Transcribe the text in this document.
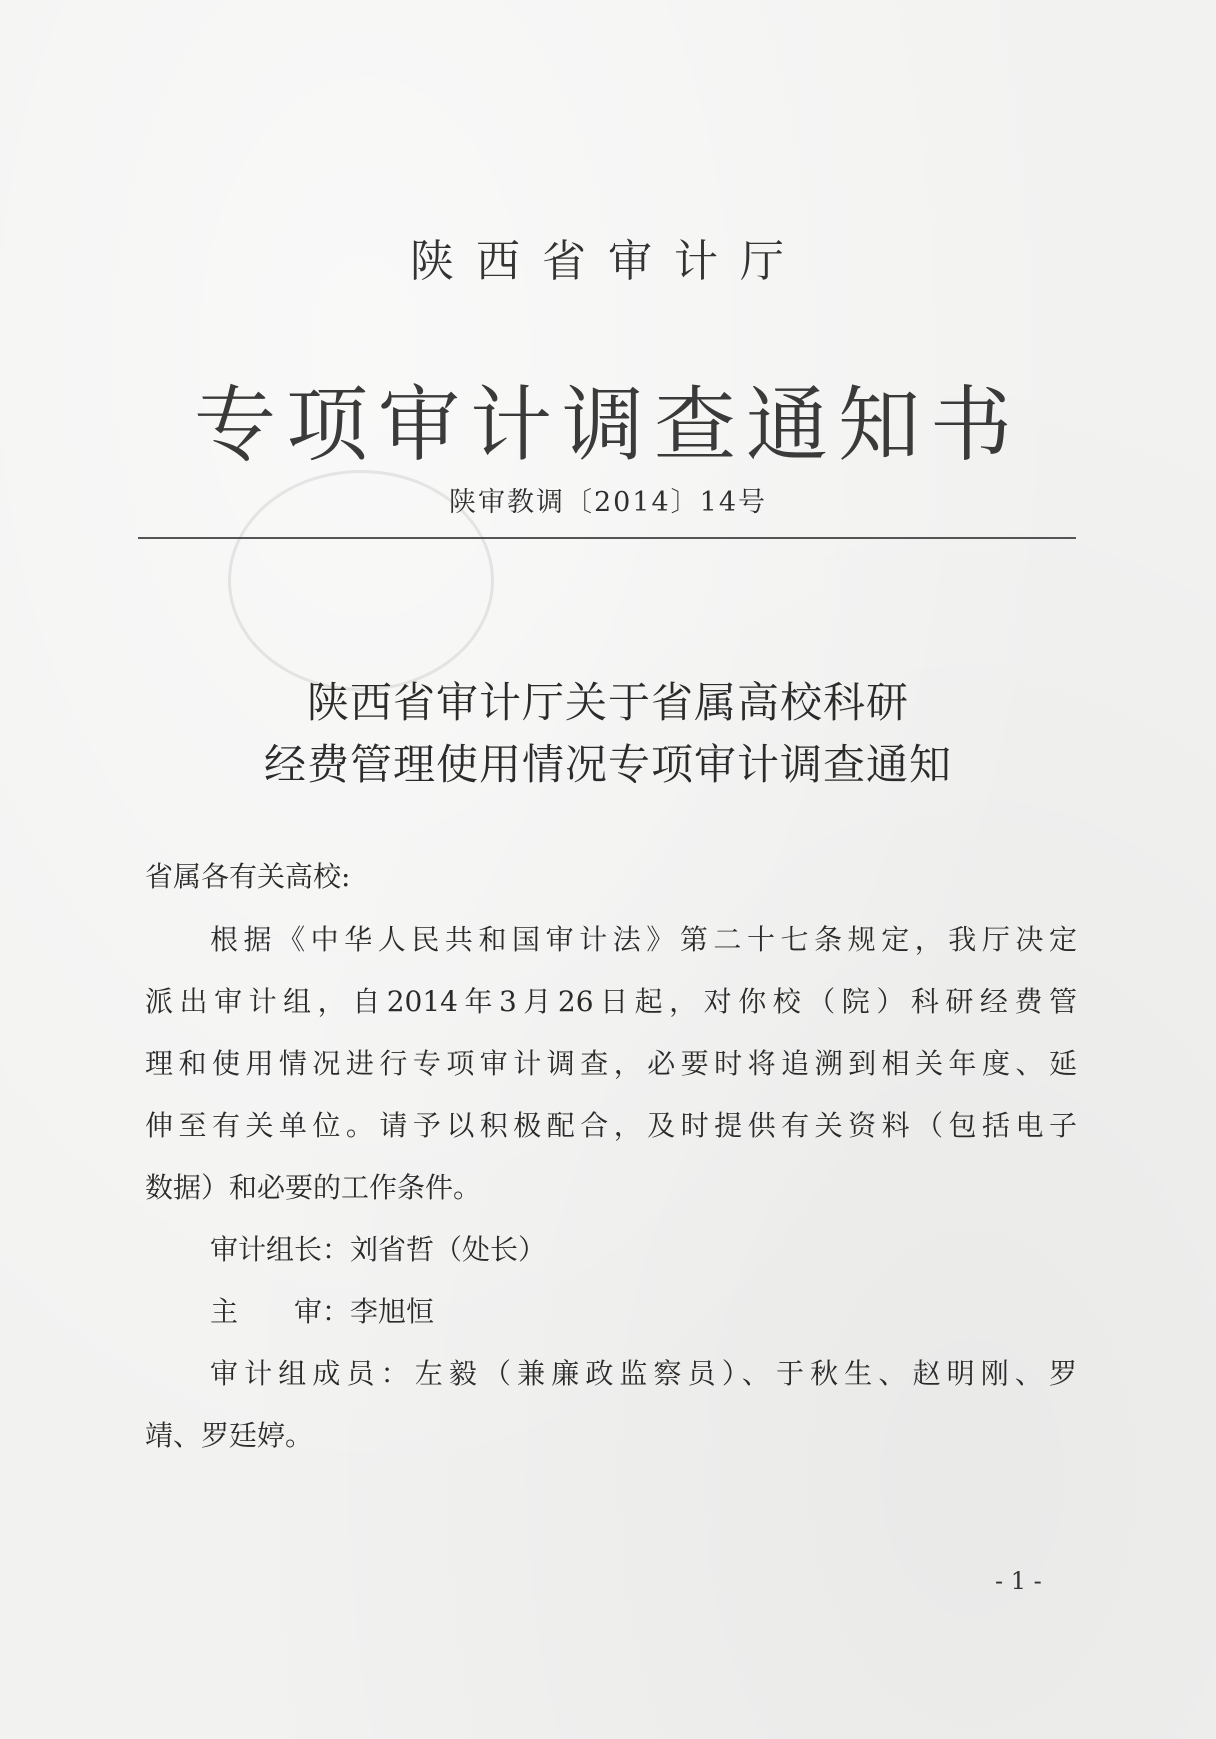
陕西省审计厅
专项审计调查通知书
陕审教调〔2014〕14号
陕西省审计厅关于省属高校科研
经费管理使用情况专项审计调查通知
省属各有关高校:
根据《中华人民共和国审计法》第二十七条规定，我厅决定
派出审计组，自2014年3月26日起，对你校（院）科研经费管
理和使用情况进行专项审计调查，必要时将追溯到相关年度、延
伸至有关单位。请予以积极配合，及时提供有关资料（包括电子
数据）和必要的工作条件。
审计组长：刘省哲（处长）
主　　审：李旭恒
审计组成员：左毅（兼廉政监察员）、于秋生、赵明刚、罗
靖、罗廷婷。
- 1 -
